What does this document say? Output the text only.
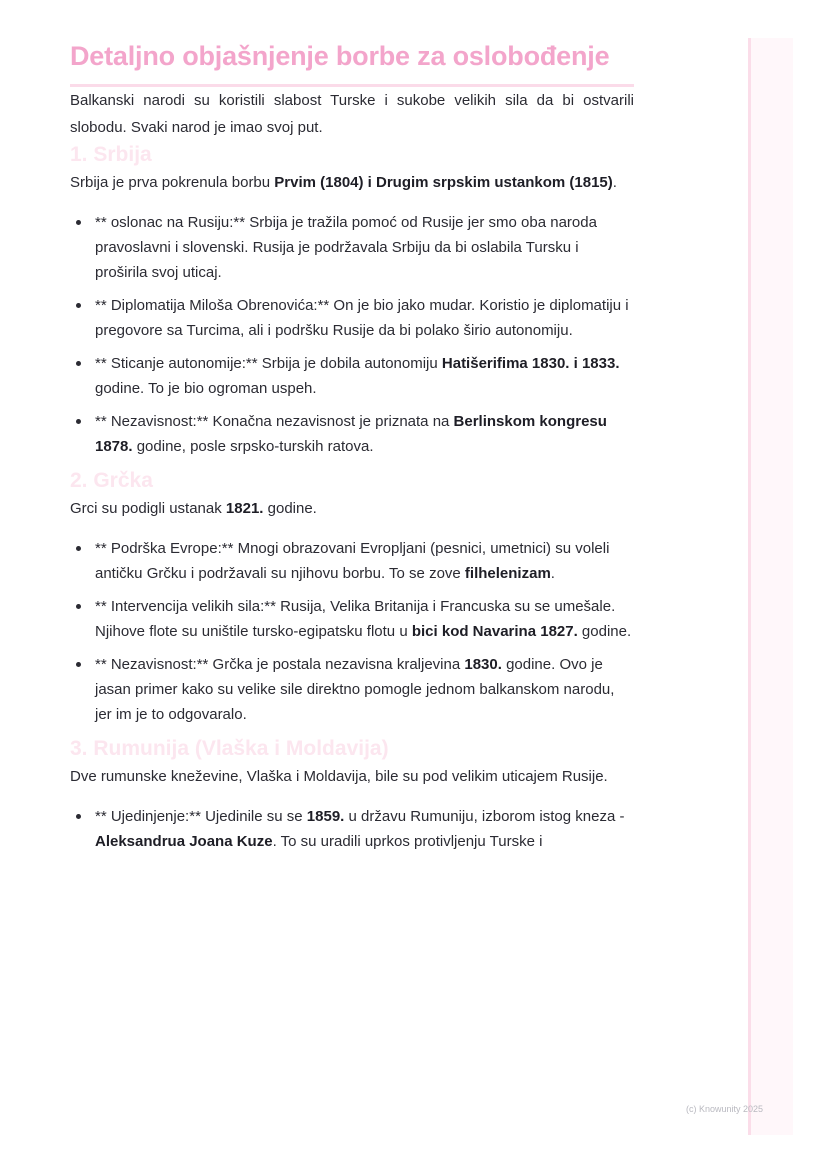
Detaljno objašnjenje borbe za oslobođenje

Balkanski narodi su koristili slabost Turske i sukobe velikih sila da bi ostvarili slobodu. Svaki narod je imao svoj put.

1. Srbija

Srbija je prva pokrenula borbu Prvim (1804) i Drugim srpskim ustankom (1815).

** oslonac na Rusiju:** Srbija je tražila pomoć od Rusije jer smo oba naroda pravoslavni i slovenski. Rusija je podržavala Srbiju da bi oslabila Tursku i proširila svoj uticaj.
** Diplomatija Miloša Obrenovića:** On je bio jako mudar. Koristio je diplomatiju i pregovore sa Turcima, ali i podršku Rusije da bi polako širio autonomiju.
** Sticanje autonomije:** Srbija je dobila autonomiju Hatišerifima 1830. i 1833. godine. To je bio ogroman uspeh.
** Nezavisnost:** Konačna nezavisnost je priznata na Berlinskom kongresu 1878. godine, posle srpsko-turskih ratova.
2. Grčka

Grci su podigli ustanak 1821. godine.

** Podrška Evrope:** Mnogi obrazovani Evropljani (pesnici, umetnici) su voleli antičku Grčku i podržavali su njihovu borbu. To se zove filhelenizam.
** Intervencija velikih sila:** Rusija, Velika Britanija i Francuska su se umešale. Njihove flote su uništile tursko-egipatsku flotu u bici kod Navarina 1827. godine.
** Nezavisnost:** Grčka je postala nezavisna kraljevina 1830. godine. Ovo je jasan primer kako su velike sile direktno pomogle jednom balkanskom narodu, jer im je to odgovaralo.
3. Rumunija (Vlaška i Moldavija)

Dve rumunske kneževine, Vlaška i Moldavija, bile su pod velikim uticajem Rusije.

** Ujedinjenje:** Ujedinile su se 1859. u državu Rumuniju, izborom istog kneza - Aleksandrua Joana Kuze. To su uradili uprkos protivljenju Turske i
(c) Knowunity 2025
